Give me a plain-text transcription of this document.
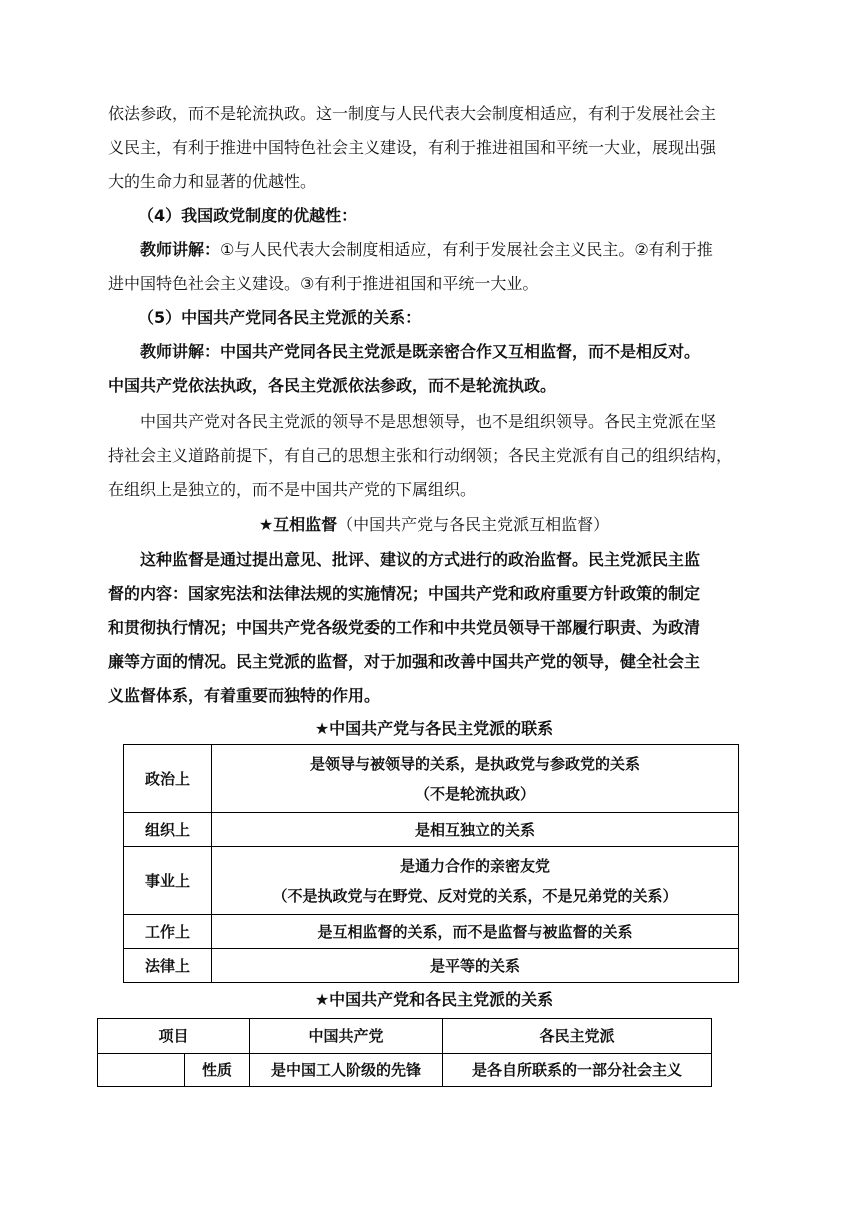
依法参政，而不是轮流执政。这一制度与人民代表大会制度相适应，有利于发展社会主
义民主，有利于推进中国特色社会主义建设，有利于推进祖国和平统一大业，展现出强
大的生命力和显著的优越性。
（4）我国政党制度的优越性：
教师讲解：①与人民代表大会制度相适应，有利于发展社会主义民主。②有利于推
进中国特色社会主义建设。③有利于推进祖国和平统一大业。
（5）中国共产党同各民主党派的关系：
教师讲解：中国共产党同各民主党派是既亲密合作又互相监督，而不是相反对。
中国共产党依法执政，各民主党派依法参政，而不是轮流执政。
中国共产党对各民主党派的领导不是思想领导，也不是组织领导。各民主党派在坚
持社会主义道路前提下，有自己的思想主张和行动纲领；各民主党派有自己的组织结构，
在组织上是独立的，而不是中国共产党的下属组织。
★互相监督（中国共产党与各民主党派互相监督）
这种监督是通过提出意见、批评、建议的方式进行的政治监督。民主党派民主监
督的内容：国家宪法和法律法规的实施情况；中国共产党和政府重要方针政策的制定
和贯彻执行情况；中国共产党各级党委的工作和中共党员领导干部履行职责、为政清
廉等方面的情况。民主党派的监督，对于加强和改善中国共产党的领导，健全社会主
义监督体系，有着重要而独特的作用。
★中国共产党与各民主党派的联系
政治上	是领导与被领导的关系，是执政党与参政党的关系
（不是轮流执政）

组织上	是相互独立的关系
事业上	是通力合作的亲密友党
（不是执政党与在野党、反对党的关系，不是兄弟党的关系）

工作上	是互相监督的关系，而不是监督与被监督的关系
法律上	是平等的关系
★中国共产党和各民主党派的关系
项目		中国共产党	各民主党派
	性质	是中国工人阶级的先锋	是各自所联系的一部分社会主义
